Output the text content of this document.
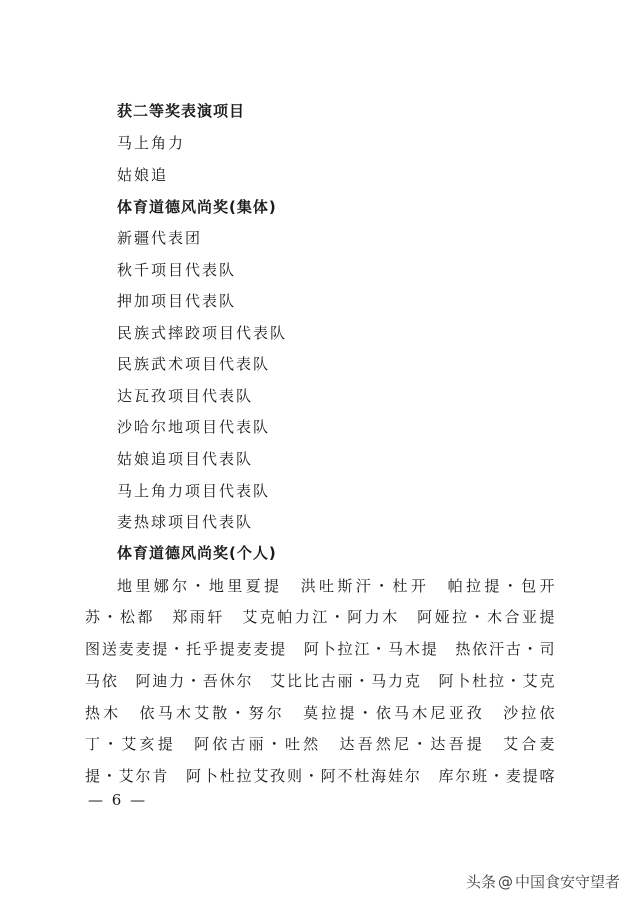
获二等奖表演项目
马上角力
姑娘追
体育道德风尚奖(集体)
新疆代表团
秋千项目代表队
押加项目代表队
民族式摔跤项目代表队
民族武术项目代表队
达瓦孜项目代表队
沙哈尔地项目代表队
姑娘追项目代表队
马上角力项目代表队
麦热球项目代表队
体育道德风尚奖(个人)
地里娜尔・地里夏提　洪吐斯汗・杜开　帕拉提・包开
苏・松都　郑雨轩　艾克帕力江・阿力木　阿娅拉・木合亚提
图送麦麦提・托乎提麦麦提　阿卜拉江・马木提　热依汗古・司
马依　阿迪力・吾休尔　艾比比古丽・马力克　阿卜杜拉・艾克
热木　依马木艾散・努尔　莫拉提・依马木尼亚孜　沙拉依
丁・艾亥提　阿依古丽・吐然　达吾然尼・达吾提　艾合麦
提・艾尔肯　阿卜杜拉艾孜则・阿不杜海娃尔　库尔班・麦提喀
— 6 —
头条 @ 中国食安守望者
